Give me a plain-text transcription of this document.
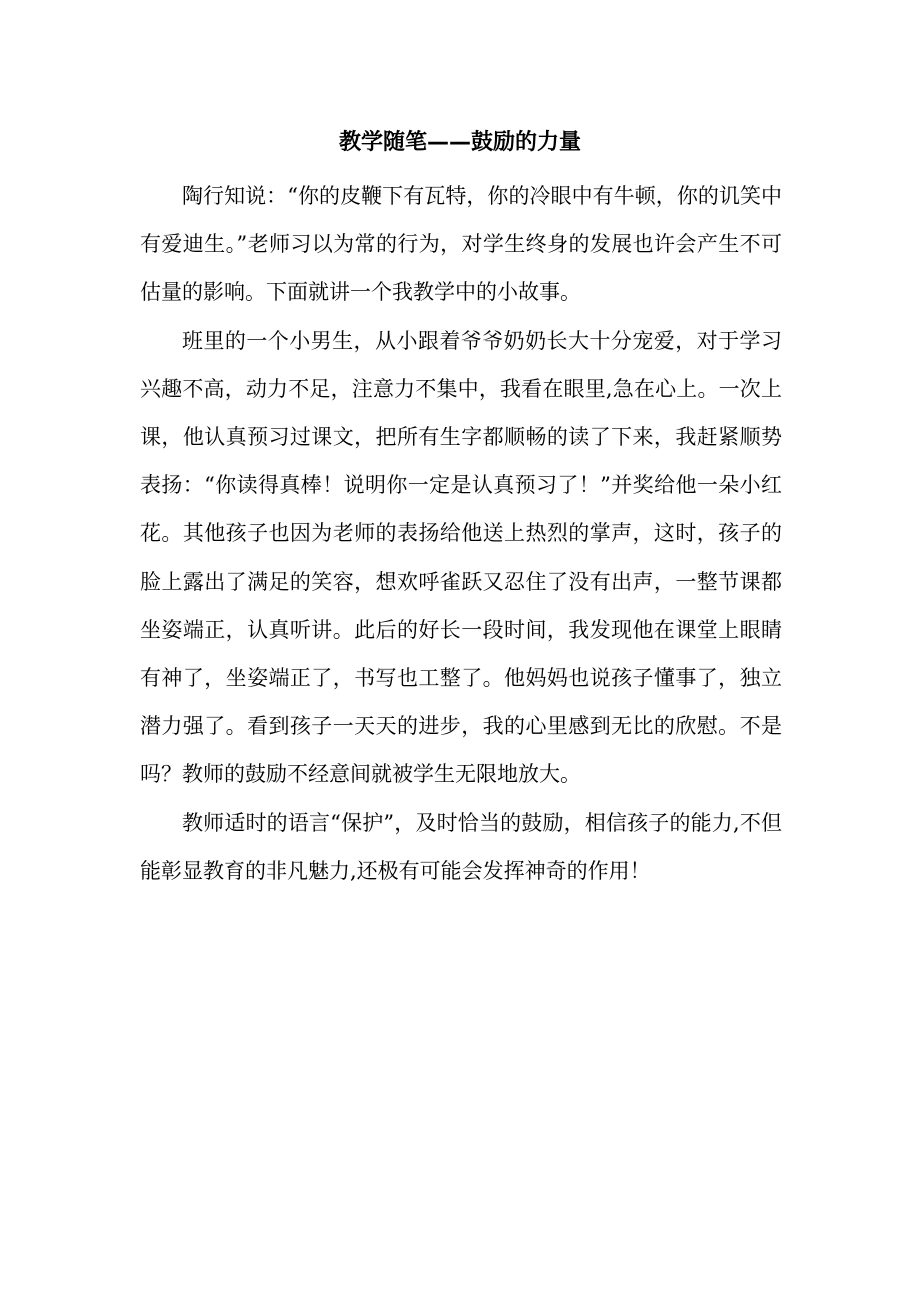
教学随笔——鼓励的力量

陶行知说：“你的皮鞭下有瓦特，你的冷眼中有牛顿，你的讥笑中有爱迪生。”老师习以为常的行为，对学生终身的发展也许会产生不可估量的影响。下面就讲一个我教学中的小故事。

班里的一个小男生，从小跟着爷爷奶奶长大十分宠爱，对于学习兴趣不高，动力不足，注意力不集中，我看在眼里,急在心上。一次上课，他认真预习过课文，把所有生字都顺畅的读了下来，我赶紧顺势表扬：“你读得真棒！说明你一定是认真预习了！”并奖给他一朵小红花。其他孩子也因为老师的表扬给他送上热烈的掌声，这时，孩子的脸上露出了满足的笑容，想欢呼雀跃又忍住了没有出声，一整节课都坐姿端正，认真听讲。此后的好长一段时间，我发现他在课堂上眼睛有神了，坐姿端正了，书写也工整了。他妈妈也说孩子懂事了，独立潜力强了。看到孩子一天天的进步，我的心里感到无比的欣慰。不是吗？教师的鼓励不经意间就被学生无限地放大。

教师适时的语言“保护”，及时恰当的鼓励，相信孩子的能力,不但能彰显教育的非凡魅力,还极有可能会发挥神奇的作用！
